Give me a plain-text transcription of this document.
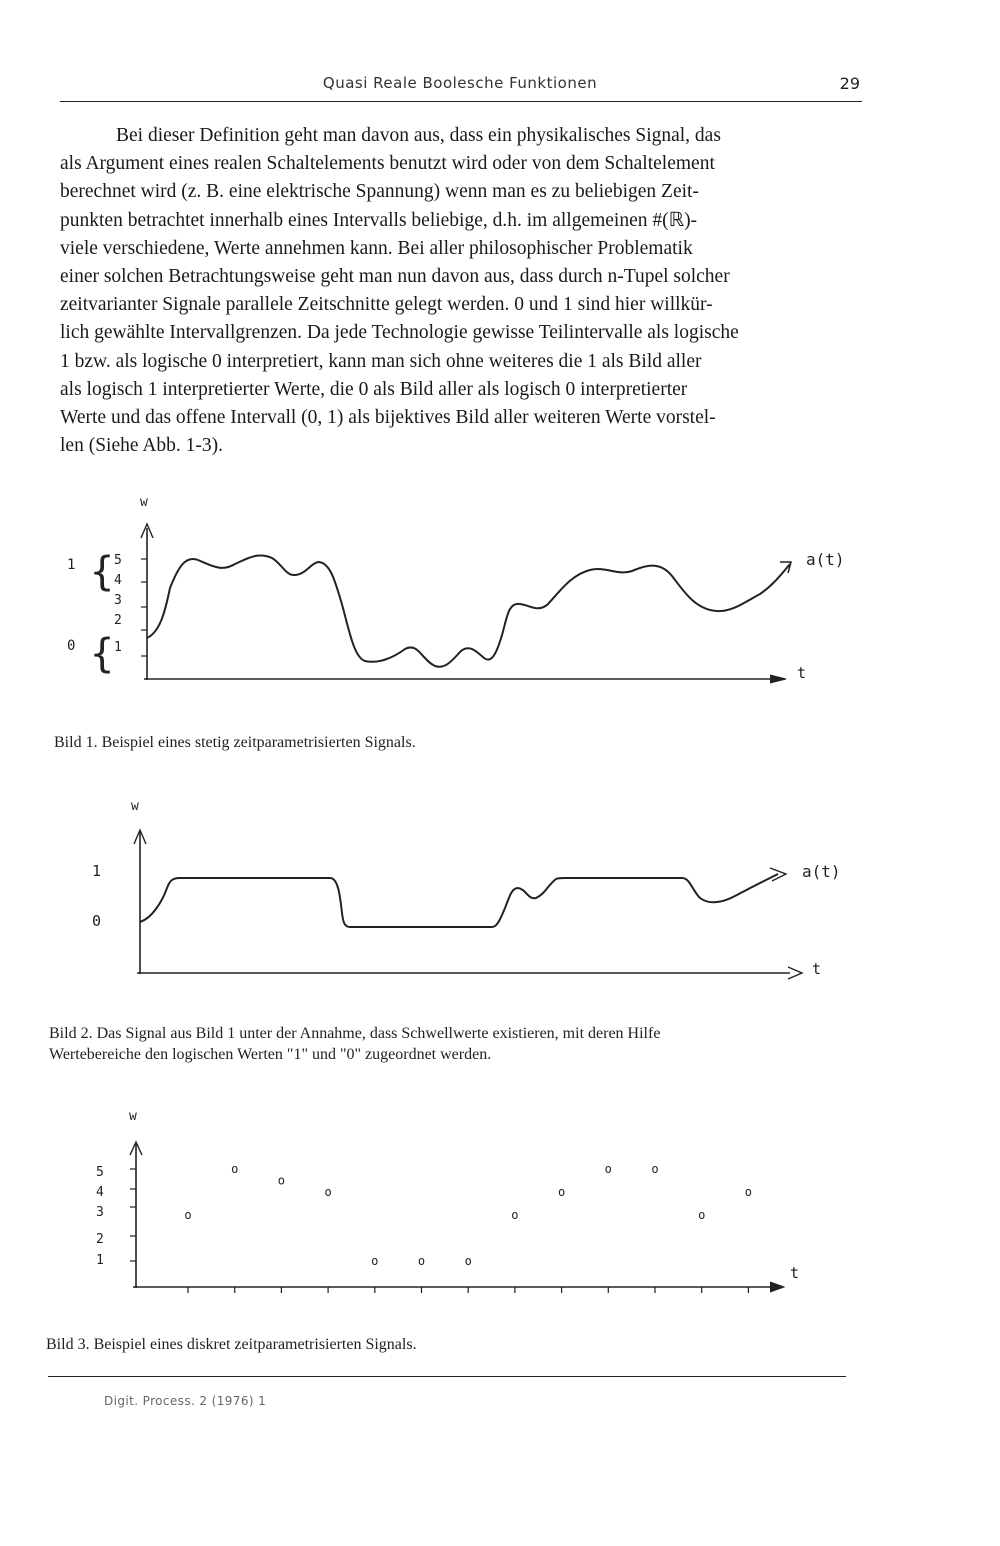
Quasi Reale Boolesche Funktionen	29
Bei dieser Definition geht man davon aus, dass ein physikalisches Signal, das
als Argument eines realen Schaltelements benutzt wird oder von dem Schaltelement
berechnet wird (z. B. eine elektrische Spannung) wenn man es zu beliebigen Zeit-
punkten betrachtet innerhalb eines Intervalls beliebige, d.h. im allgemeinen #(ℝ)-
viele verschiedene, Werte annehmen kann. Bei aller philosophischer Problematik
einer solchen Betrachtungsweise geht man nun davon aus, dass durch n-Tupel solcher
zeitvarianter Signale parallele Zeitschnitte gelegt werden. 0 und 1 sind hier willkür-
lich gewählte Intervallgrenzen. Da jede Technologie gewisse Teilintervalle als logische
1 bzw. als logische 0 interpretiert, kann man sich ohne weiteres die 1 als Bild aller
als logisch 1 interpretierter Werte, die 0 als Bild aller als logisch 0 interpretierter
Werte und das offene Intervall (0, 1) als bijektives Bild aller weiteren Werte vorstel-
len (Siehe Abb. 1-3).
w
t
5
4
3
2
1
1
0
{
{
a(t)
Bild 1. Beispiel eines stetig zeitparametrisierten Signals.
w
t
1
0
a(t)
Bild 2. Das Signal aus Bild 1 unter der Annahme, dass Schwellwerte existieren, mit deren Hilfe
Wertebereiche den logischen Werten "1" und "0" zugeordnet werden.
w
t
5
4
3
2
1
o
o
o
o
o	o	o
o
o
o	o
o
o
Bild 3. Beispiel eines diskret zeitparametrisierten Signals.
Digit. Process. 2 (1976) 1
